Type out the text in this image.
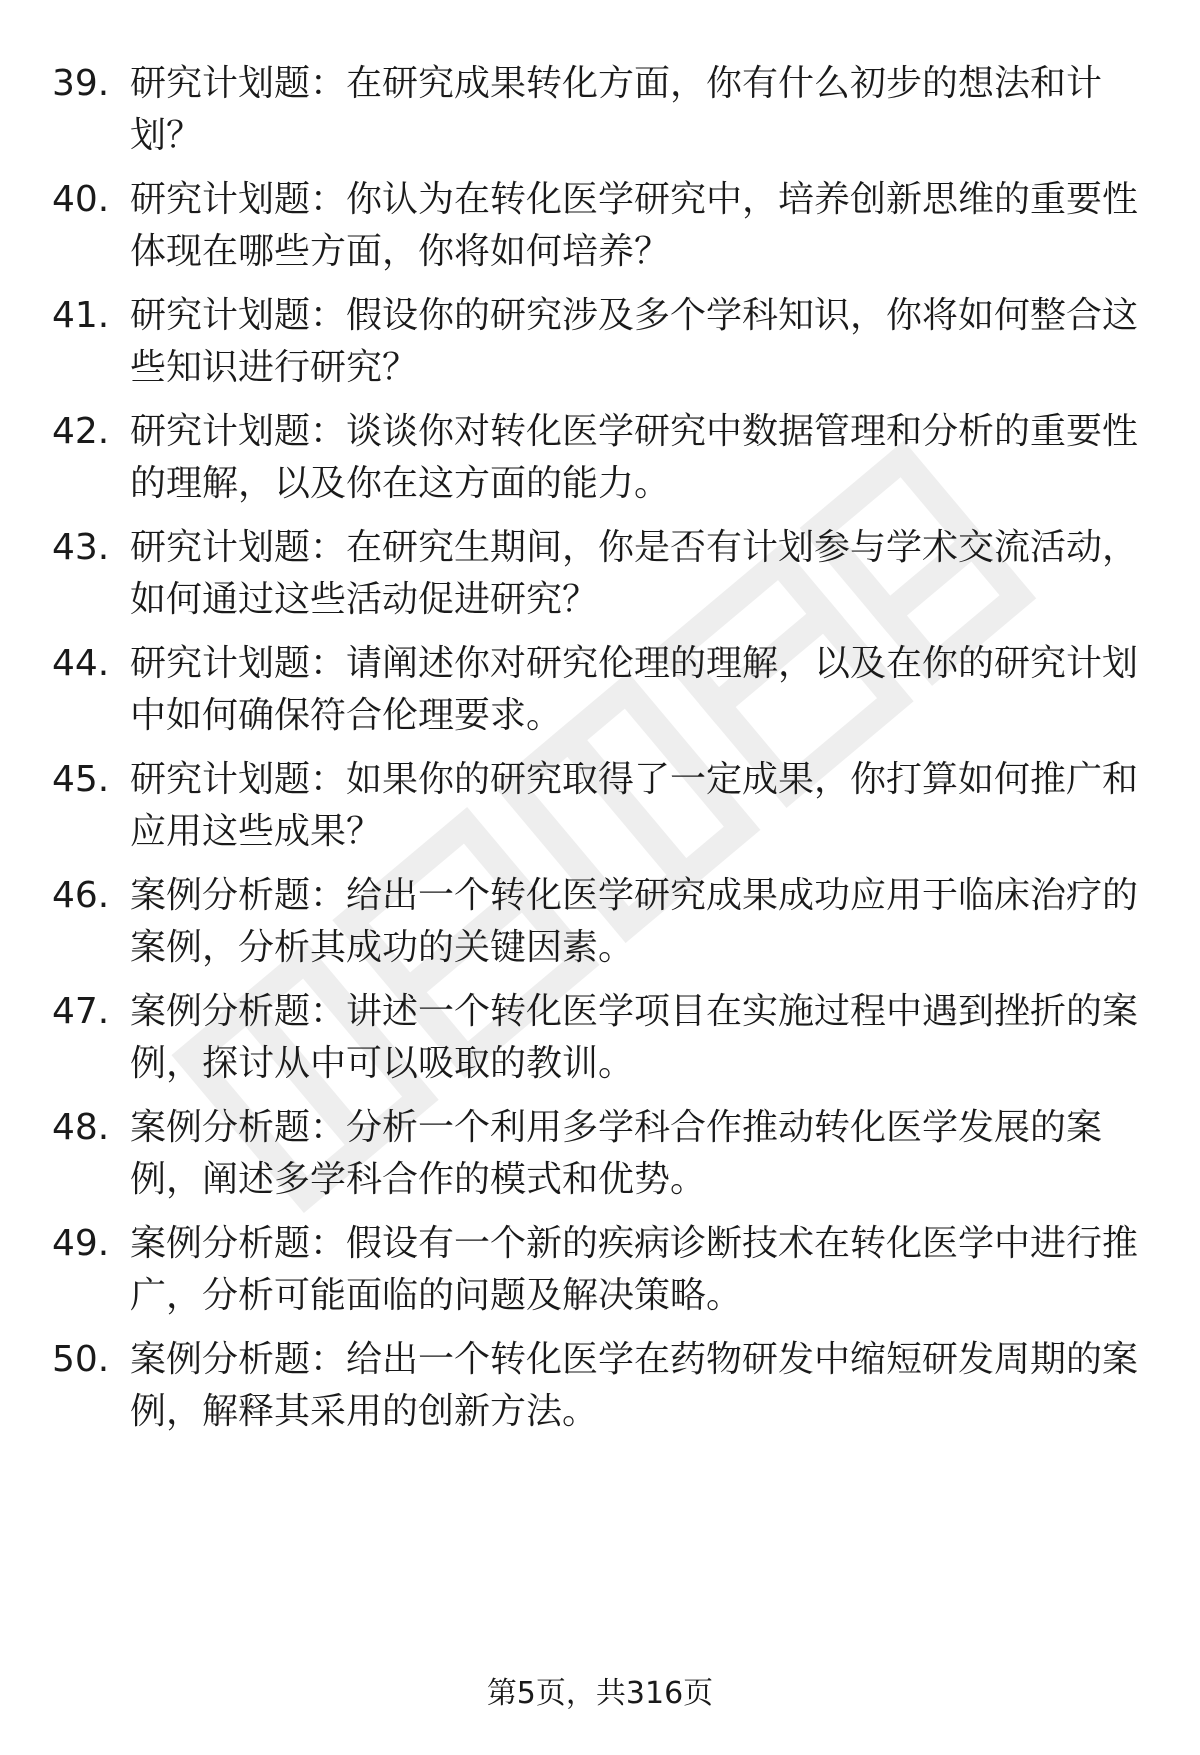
39. 研究计划题：在研究成果转化方面，你有什么初步的想法和计
划？
40. 研究计划题：你认为在转化医学研究中，培养创新思维的重要性
体现在哪些方面，你将如何培养？
41. 研究计划题：假设你的研究涉及多个学科知识，你将如何整合这
些知识进行研究？
42. 研究计划题：谈谈你对转化医学研究中数据管理和分析的重要性
的理解，以及你在这方面的能力。
43. 研究计划题：在研究生期间，你是否有计划参与学术交流活动，
如何通过这些活动促进研究？
44. 研究计划题：请阐述你对研究伦理的理解，以及在你的研究计划
中如何确保符合伦理要求。
45. 研究计划题：如果你的研究取得了一定成果，你打算如何推广和
应用这些成果？
46. 案例分析题：给出一个转化医学研究成果成功应用于临床治疗的
案例，分析其成功的关键因素。
47. 案例分析题：讲述一个转化医学项目在实施过程中遇到挫折的案
例，探讨从中可以吸取的教训。
48. 案例分析题：分析一个利用多学科合作推动转化医学发展的案
例，阐述多学科合作的模式和优势。
49. 案例分析题：假设有一个新的疾病诊断技术在转化医学中进行推
广，分析可能面临的问题及解决策略。
50. 案例分析题：给出一个转化医学在药物研发中缩短研发周期的案
例，解释其采用的创新方法。
第5页，共316页
